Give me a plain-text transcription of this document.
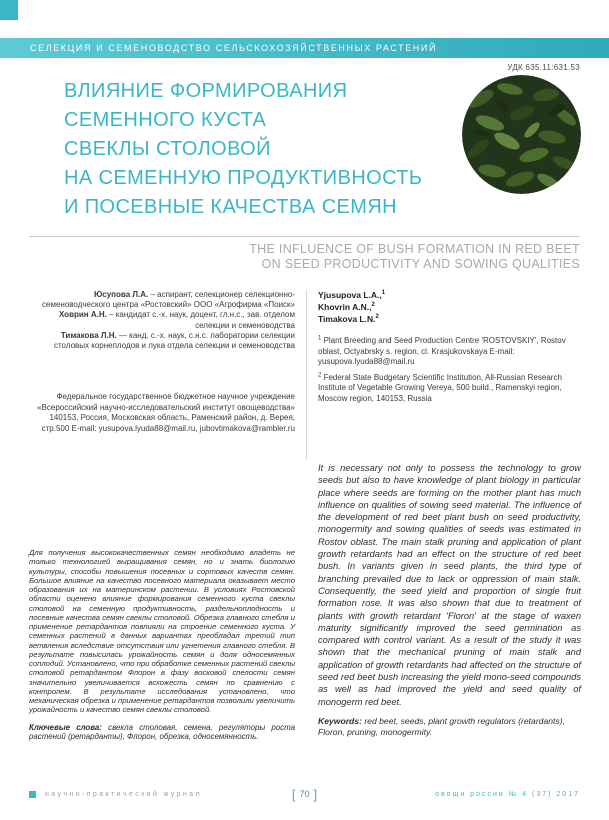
СЕЛЕКЦИЯ И СЕМЕНОВОДСТВО СЕЛЬСКОХОЗЯЙСТВЕННЫХ РАСТЕНИЙ
УДК 635.11:631.53
ВЛИЯНИЕ ФОРМИРОВАНИЯ
СЕМЕННОГО КУСТА
СВЕКЛЫ СТОЛОВОЙ
НА СЕМЕННУЮ ПРОДУКТИВНОСТЬ
И ПОСЕВНЫЕ КАЧЕСТВА СЕМЯН
THE INFLUENCE OF BUSH FORMATION IN RED BEET
ON SEED PRODUCTIVITY AND SOWING QUALITIES

Юсупова Л.А. – аспирант, селекционер селекционно-семеноводческого центра «Ростовский» ООО «Агрофирма «Поиск»

Ховрин А.Н. – кандидат с.-х. наук, доцент, гл.н.с., зав. отделом селекции и семеноводства

Тимакова Л.Н. — канд. с.-х. наук, с.н.с. лаборатории селекции столовых корнеплодов и лука отдела селекции и семеноводства

Федеральное государственное бюджетное научное учреждение «Всероссийский научно-исследовательский институт овощеводства» 140153, Россия, Московская область, Раменский район, д. Верея, стр.500 E-mail: yusupova.lyuda88@mail.ru, jubovtimakova@rambler.ru

Yjusupova L.A.,$^1$

Khovrin A.N.,$^2$

Timakova L.N.$^2$

$^1$ Plant Breeding and Seed Production Centre 'ROSTOVSKIY', Rostov oblast, Octyabrsky s. region, cl. Krasjukovskaya E-mail: yusupova.lyuda88@mail.ru

$^2$ Federal State Budgetary Scientific Institution, All-Russian Research Institute of Vegetable Growing Vereya, 500 build., Ramenskyi region, Moscow region, 140153, Russia

Для получения высококачественных семян необходимо владеть не только технологией выращивания семян, но и знать биологию культуры, способы повышения посевных и сортовых качеств семян. Большое влияние на качество посевного материала оказывает место образования их на материнском растении. В условиях Ростовской области оценено влияние формирования семенного куста свеклы столовой на семенную продуктивность, раздельноплодность и посевные качества семян свеклы столовой. Обрезка главного стебля и применение ретардантов повлияли на строение семенного куста. У семенных растений в данных вариантах преобладал третий тип ветвления вследствие отсутствия или угнетения главного стебля. В результате повысилась урожайность семян и доля односемянных соплодий. Установлено, что при обработке семенных растений свеклы столовой ретардантом Флорон в фазу восковой спелости семян значительно увеличивается всхожесть семян по сравнению с контролем. В результате исследования установлено, что механическая обрезка и применение ретардантов позволили увеличить урожайность и качество семян свеклы столовой.

Ключевые слова: свекла столовая, семена, регуляторы роста растений (ретарданты), Флорон, обрезка, односемянность.

It is necessary not only to possess the technology to grow seeds but also to have knowledge of plant biology in particular place where seeds are forming on the mother plant has much influence on qualities of sowing seed material. The influence of the development of red beet plant bush on seed productivity, monogermity and sowing qualities of seeds was estimated in Rostov oblast. The main stalk pruning and application of plant growth retardants had an effect on the structure of red beet bush. In variants given in seed plants, the third type of branching prevailed due to lack or oppression of main stalk. Consequently, the seed yield and proportion of single fruit formation rose. It was also shown that due to treatment of plants with growth retardant 'Floron' at the stage of waxen maturity significantly improved the seed germination as compared with control variant. As a result of the study it was shown that the mechanical pruning of main stalk and application of growth retardants had affected on the structure of seed red beet bush increasing the yield mono-seed compounds as well as had improved the yield and seed quality of monogerm red beet.

Keywords: red beet, seeds, plant growth regulators (retardants), Floron, pruning, monogermity.

научно-практический журнал	[ 70 ]	овощи россии № 4 (37) 2017
